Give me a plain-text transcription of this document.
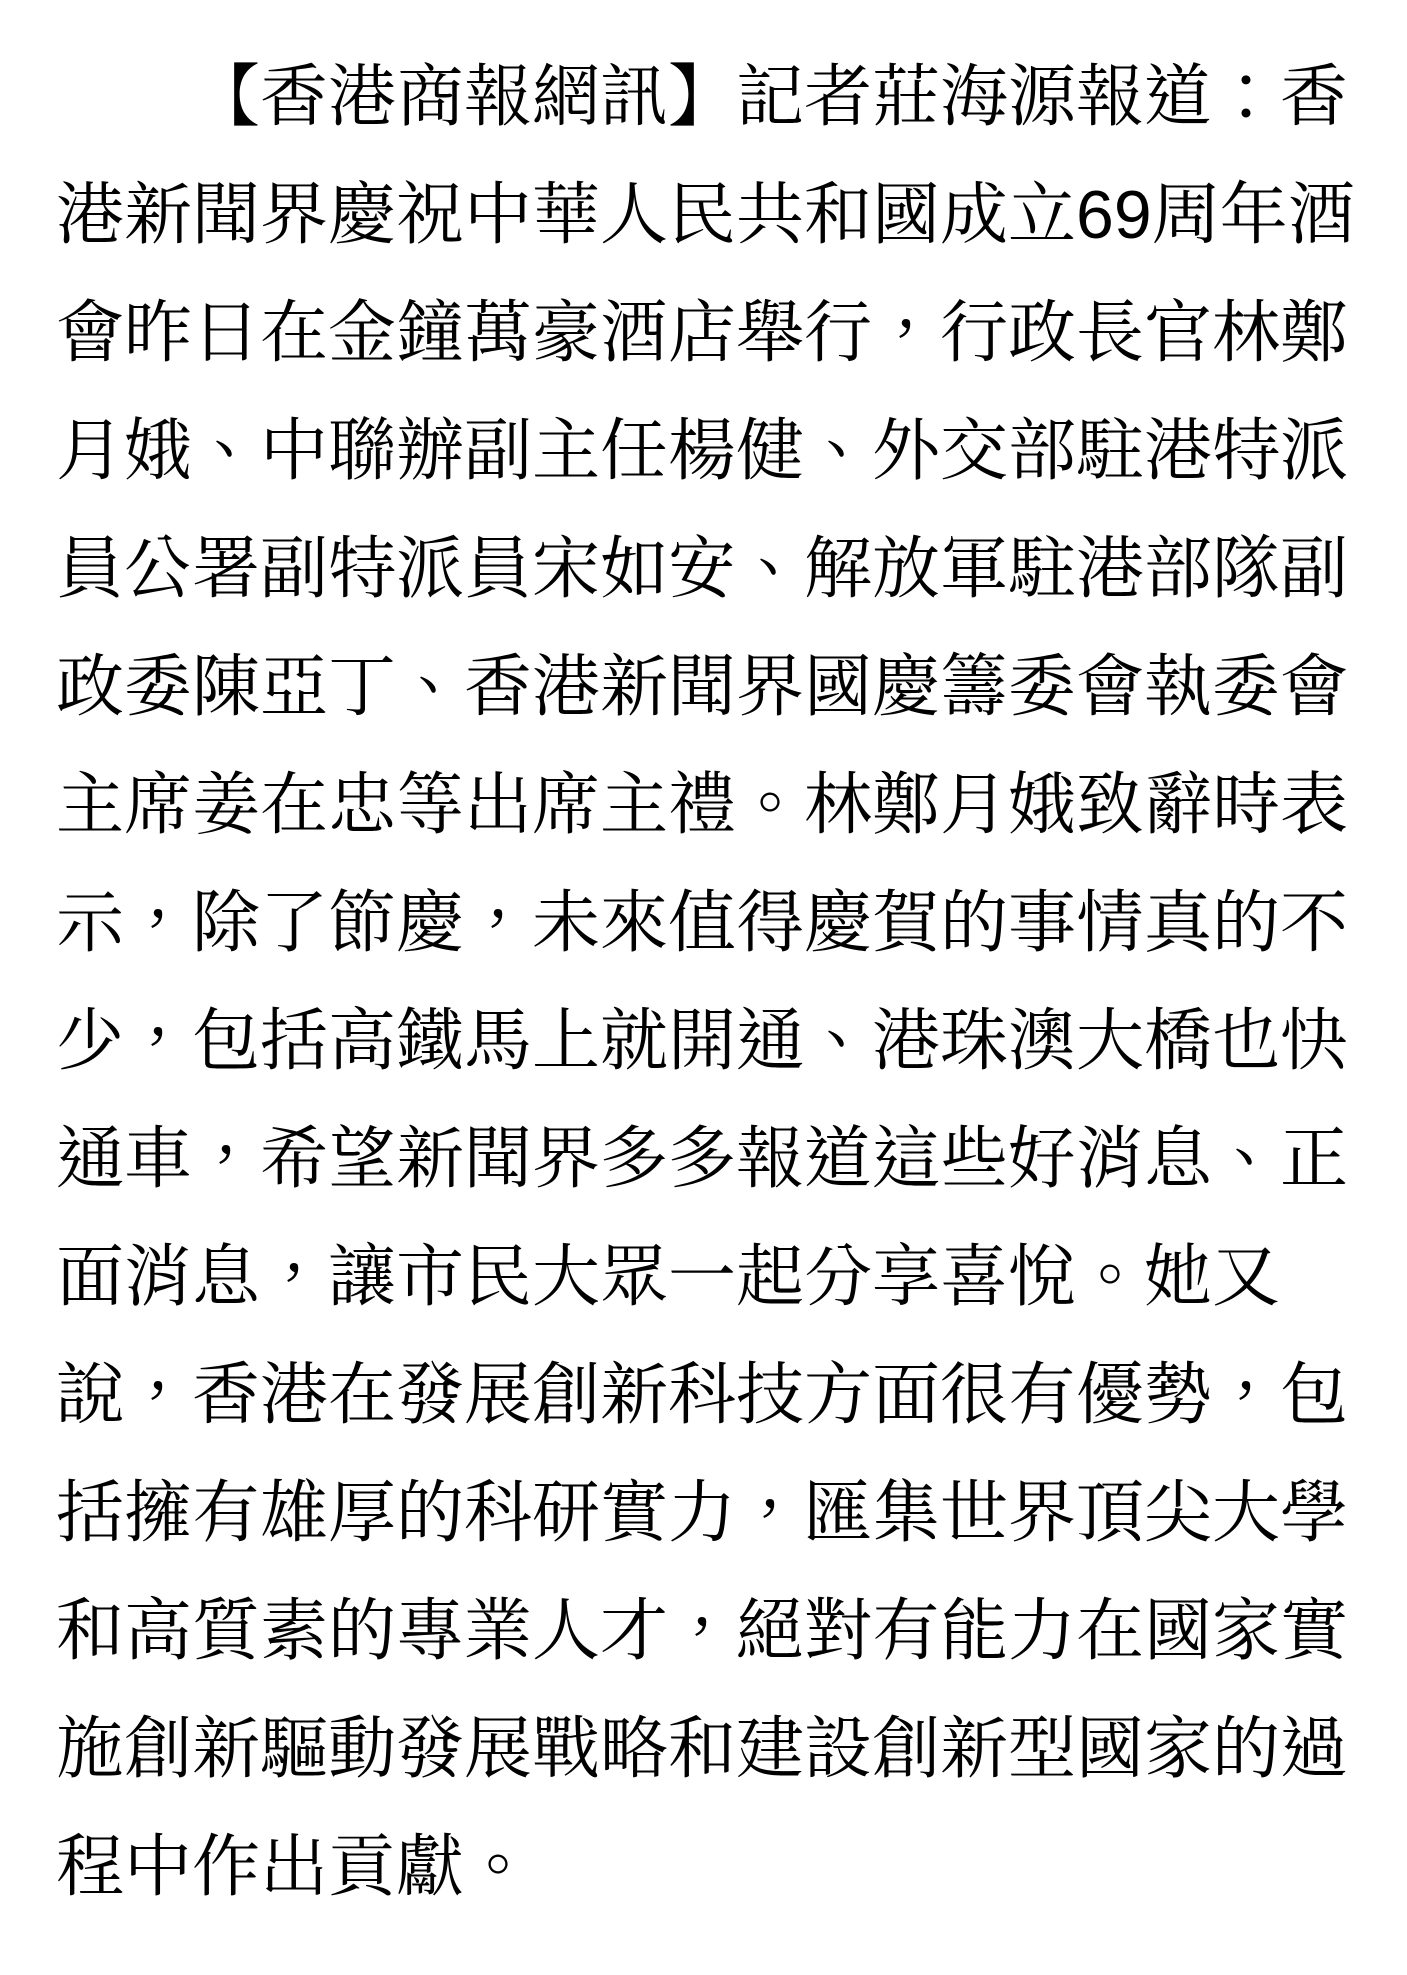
【香港商報網訊】記者莊海源報道：香
港新聞界慶祝中華人民共和國成立69周年酒
會昨日在金鐘萬豪酒店舉行，行政長官林鄭
月娥、中聯辦副主任楊健、外交部駐港特派
員公署副特派員宋如安、解放軍駐港部隊副
政委陳亞丁、香港新聞界國慶籌委會執委會
主席姜在忠等出席主禮。林鄭月娥致辭時表
示，除了節慶，未來值得慶賀的事情真的不
少，包括高鐵馬上就開通、港珠澳大橋也快
通車，希望新聞界多多報道這些好消息、正
面消息，讓市民大眾一起分享喜悅。她又
說，香港在發展創新科技方面很有優勢，包
括擁有雄厚的科研實力，匯集世界頂尖大學
和高質素的專業人才，絕對有能力在國家實
施創新驅動發展戰略和建設創新型國家的過
程中作出貢獻。
